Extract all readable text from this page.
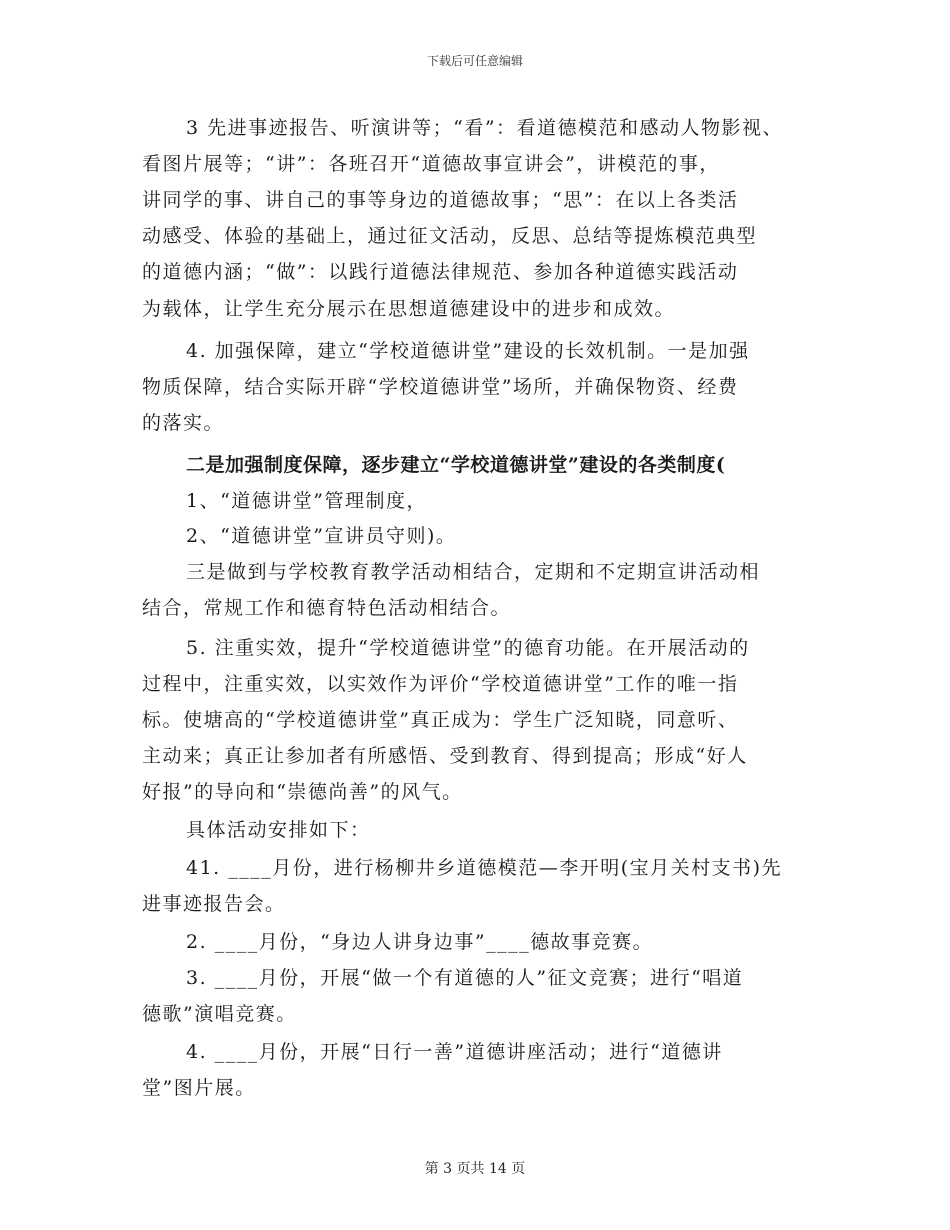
下载后可任意编辑
3 先进事迹报告、听演讲等；“看”：看道德模范和感动人物影视、
看图片展等；“讲”：各班召开“道德故事宣讲会”，讲模范的事，
讲同学的事、讲自己的事等身边的道德故事；“思”：在以上各类活
动感受、体验的基础上，通过征文活动，反思、总结等提炼模范典型
的道德内涵；“做”：以践行道德法律规范、参加各种道德实践活动
为载体，让学生充分展示在思想道德建设中的进步和成效。
4. 加强保障，建立“学校道德讲堂”建设的长效机制。一是加强
物质保障，结合实际开辟“学校道德讲堂”场所，并确保物资、经费
的落实。
二是加强制度保障，逐步建立“学校道德讲堂”建设的各类制度(
1、“道德讲堂”管理制度，
2、“道德讲堂”宣讲员守则)。
三是做到与学校教育教学活动相结合，定期和不定期宣讲活动相
结合，常规工作和德育特色活动相结合。
5. 注重实效，提升“学校道德讲堂”的德育功能。在开展活动的
过程中，注重实效，以实效作为评价“学校道德讲堂”工作的唯一指
标。使塘高的“学校道德讲堂”真正成为：学生广泛知晓，同意听、
主动来；真正让参加者有所感悟、受到教育、得到提高；形成“好人
好报”的导向和“崇德尚善”的风气。
具体活动安排如下：
41. ____月份，进行杨柳井乡道德模范—李开明(宝月关村支书)先
进事迹报告会。
2. ____月份，“身边人讲身边事”____德故事竞赛。
3. ____月份，开展“做一个有道德的人”征文竞赛；进行“唱道
德歌”演唱竞赛。
4. ____月份，开展“日行一善”道德讲座活动；进行“道德讲
堂”图片展。
第 3 页共 14 页
